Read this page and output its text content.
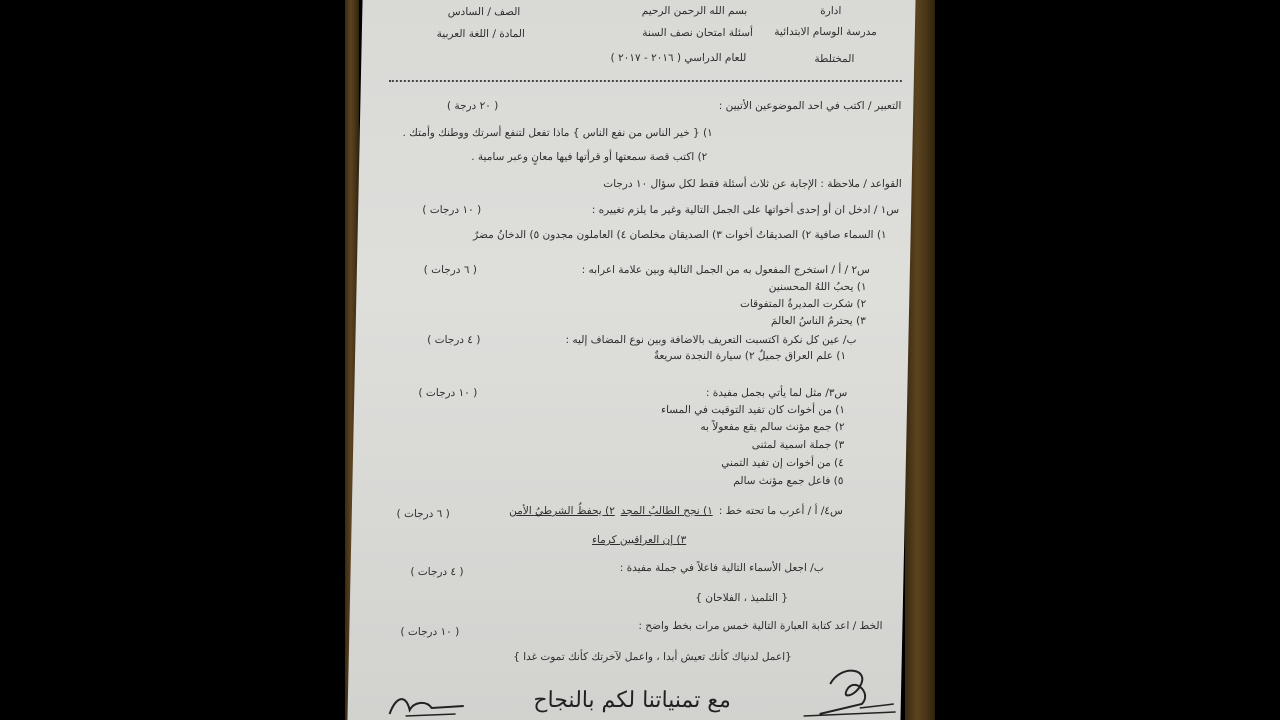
ادارة
مدرسة الوسام الابتدائية
المختلطة
بسم الله الرحمن الرحيم
أسئلة امتحان نصف السنة
للعام الدراسي ( ٢٠١٦ - ٢٠١٧ )
الصف / السادس
المادة / اللغة العربية
التعبير / اكتب في احد الموضوعين الأتيين :
( ٢٠ درجة )
١) { خير الناس من نفع الناس } ماذا تفعل لتنفع أسرتك ووطنك وأمتك .
٢) اكتب قصة سمعتها أو قرأتها فيها معانٍ وعبر سامية .
القواعد / ملاحظة : الإجابة عن ثلاث أسئلة فقط لكل سؤال ١٠ درجات
س١ / ادخل ان أو إحدى أخواتها على الجمل التالية وغير ما يلزم تغييره :
( ١٠ درجات )
١) السماء صافية ٢) الصديقاتُ أخوات ٣) الصديقان مخلصان ٤) العاملون مجدون ٥) الدخانُ مضرٌ
س٢ / أ / استخرج المفعول به من الجمل التالية وبين علامة اعرابه :
( ٦ درجات )
١) يحبُ اللهُ المحسنين
٢) شكرت المديرةُ المتفوقات
٣) يحترمُ الناسُ العالمَ
ب/ عين كل نكرة اكتسبت التعريف بالاضافة وبين نوع المضاف إليه :
( ٤ درجات )
١) علم العراق جميلٌ ٢) سيارة النجدة سريعةٌ
س٣/ مثل لما يأتي بجمل مفيدة :
( ١٠ درجات )
١) من أخوات كان تفيد التوقيت في المساء
٢) جمع مؤنث سالم يقع مفعولاً به
٣) جملة اسمية لمثنى
٤) من أخوات إن تفيد التمني
٥) فاعل جمع مؤنث سالم
س٤/ أ / أعرب ما تحته خط :
١) نجح الطالبُ المجد
٢) يحفظُ الشرطيُ الأمن
( ٦ درجات )
٣) إن العراقيين كرماء
ب/ اجعل الأسماء التالية فاعلاً في جملة مفيدة :
( ٤ درجات )
{ التلميذ ، الفلاحان }
الخط / اعد كتابة العبارة التالية خمس مرات بخط واضح :
( ١٠ درجات )
{اعمل لدنياك كأنك تعيش أبدا ، واعمل لآخرتك كأنك تموت غدا }
مع تمنياتنا لكم بالنجاح
